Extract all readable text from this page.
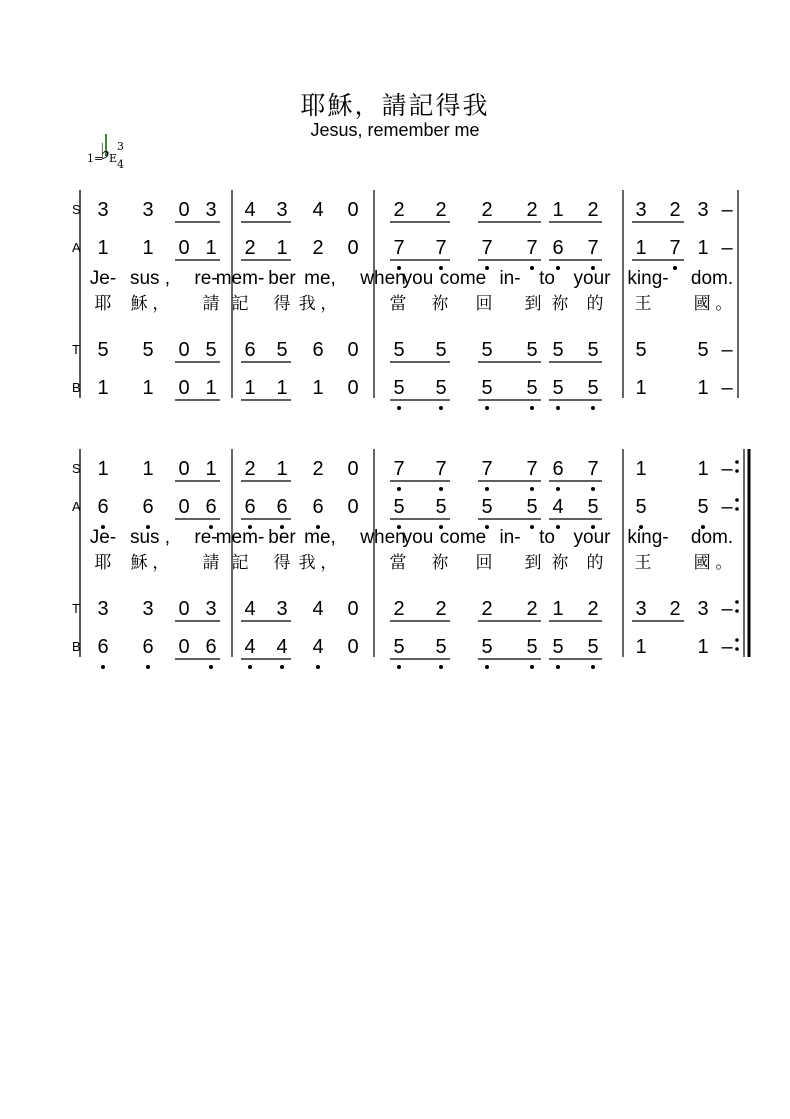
耶穌，請記得我
Jesus, remember me
1=
♭
E
3
4
S 3 3 0 3 4 3 4 0 2 2 2 2 1 2 3 2 3 –
A 1 1 0 1 2 1 2 0 7 7 7 7 6 7 1 7 1 –
T 5 5 0 5 6 5 6 0 5 5 5 5 5 5 5	5 –
B 1 1 0 1 1 1 1 0 5 5 5 5 5 5 1	1 –
Je- sus , re-
mem- ber me, when
you come in- to your king- dom.
耶 穌 ， 請 記 得 我 ，	當 祢 回 到 祢 的 王 國 。
S 1 1 0 1 2 1 2 0 7 7 7 7 6 7 1	1 –
A 6 6 0 6 6 6 6 0 5 5 5 5 4 5 5	5 –
T 3 3 0 3 4 3 4 0 2 2 2 2 1 2 3 2 3 –
B 6 6 0 6 4 4 4 0 5 5 5 5 5 5 1	1 –
Je- sus , re-
mem- ber me, when
you come in- to your king- dom.
耶 穌 ， 請 記 得 我 ，	當 祢 回 到 祢 的 王 國 。
